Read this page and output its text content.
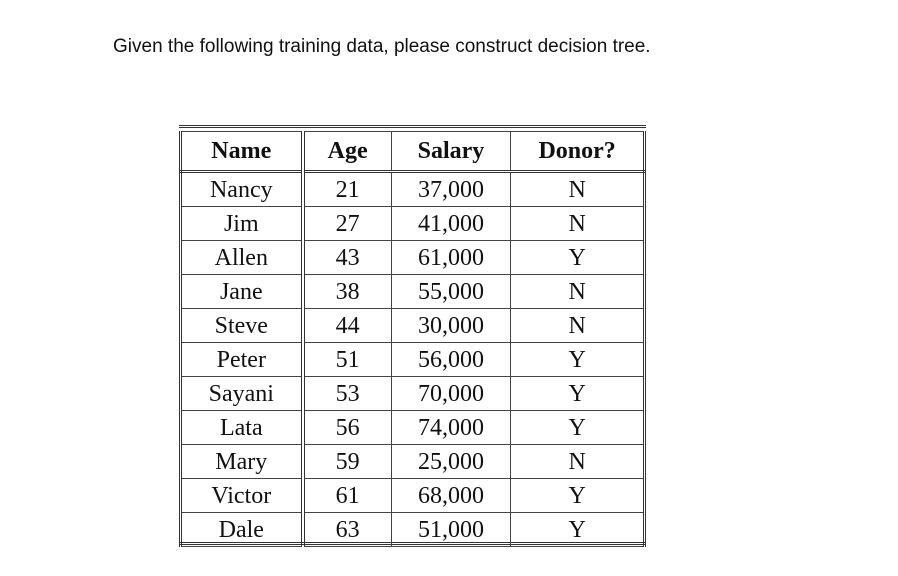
Given the following training data, please construct decision tree.
Name	Age	Salary	Donor?
Nancy	21	37,000	N
Jim	27	41,000	N
Allen	43	61,000	Y
Jane	38	55,000	N
Steve	44	30,000	N
Peter	51	56,000	Y
Sayani	53	70,000	Y
Lata	56	74,000	Y
Mary	59	25,000	N
Victor	61	68,000	Y
Dale	63	51,000	Y
